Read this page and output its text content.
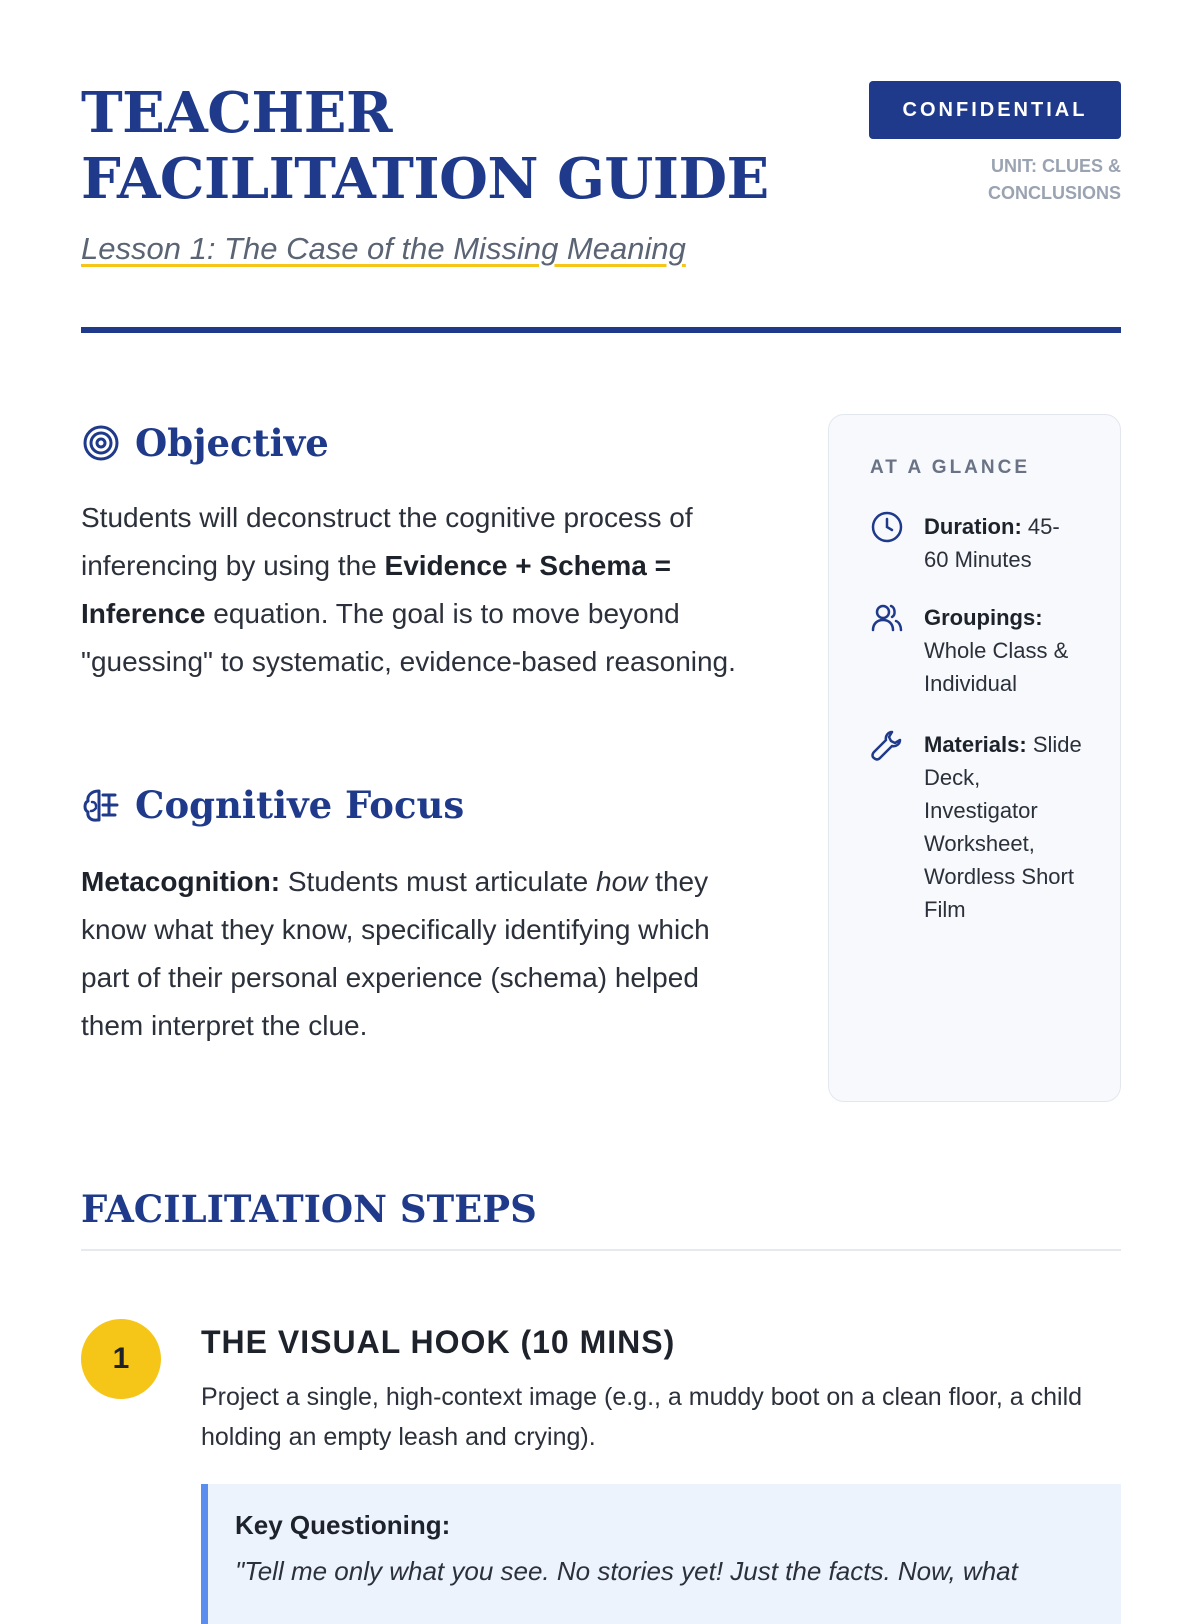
TEACHER FACILITATION GUIDE
Lesson 1: The Case of the Missing Meaning
CONFIDENTIAL
UNIT: CLUES & CONCLUSIONS
Objective

Students will deconstruct the cognitive process of inferencing by using the Evidence + Schema = Inference equation. The goal is to move beyond "guessing" to systematic, evidence-based reasoning.

Cognitive Focus

Metacognition: Students must articulate how they know what they know, specifically identifying which part of their personal experience (schema) helped them interpret the clue.

AT A GLANCE
Duration: 45-60 Minutes
Groupings: Whole Class & Individual
Materials: Slide Deck, Investigator Worksheet, Wordless Short Film
FACILITATION STEPS
1	THE VISUAL HOOK (10 MINS)

Project a single, high-context image (e.g., a muddy boot on a clean floor, a child holding an empty leash and crying).

Key Questioning:
"Tell me only what you see. No stories yet! Just the facts. Now, what
